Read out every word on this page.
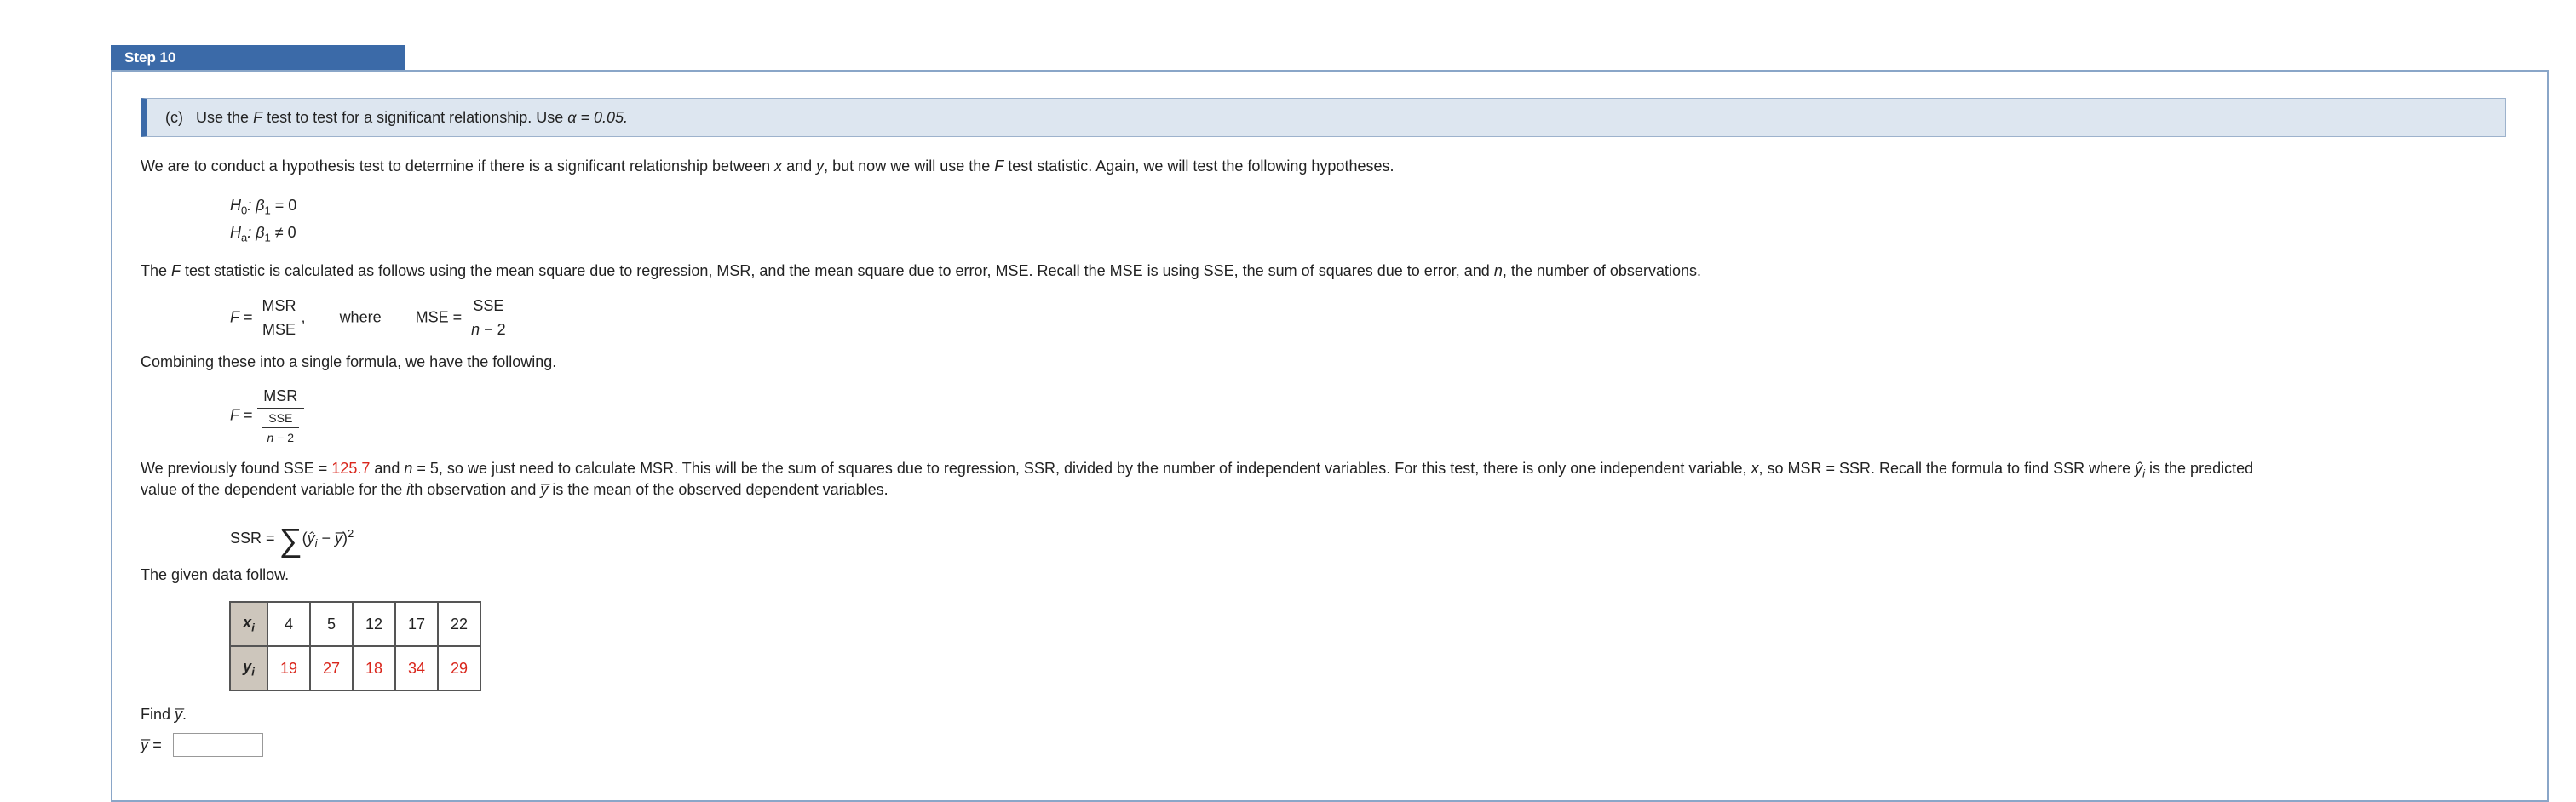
Step 10
(c) Use the F test to test for a significant relationship. Use α = 0.05.
We are to conduct a hypothesis test to determine if there is a significant relationship between x and y, but now we will use the F test statistic. Again, we will test the following hypotheses.
$H_0$: $\beta_1 = 0$
$H_a$: $\beta_1 \ne 0$
The F test statistic is calculated as follows using the mean square due to regression, MSR, and the mean square due to error, MSE. Recall the MSE is using SSE, the sum of squares due to error, and n, the number of observations.
$F = \frac{\text{MSR}}{\text{MSE}}$ , where MSE = $\frac{\text{SSE}}{n - 2}$
Combining these into a single formula, we have the following.
$F = \frac{\text{MSR}}{\frac{\text{SSE}}{n - 2}}$
We previously found SSE = 125.7 and n = 5, so we just need to calculate MSR. This will be the sum of squares due to regression, SSR, divided by the number of independent variables. For this test, there is only one independent variable, x, so MSR = SSR. Recall the formula to find SSR where $ŷ_i$ is the predicted
value of the dependent variable for the ith observation and y̅ is the mean of the observed dependent variables.
SSR = $\sum(ŷ_i$ − y̅)$^2$
The given data follow.
$x_i$	4	5	12	17	22
$y_i$	19	27	18	34	29
Find y̅.
y̅ =
